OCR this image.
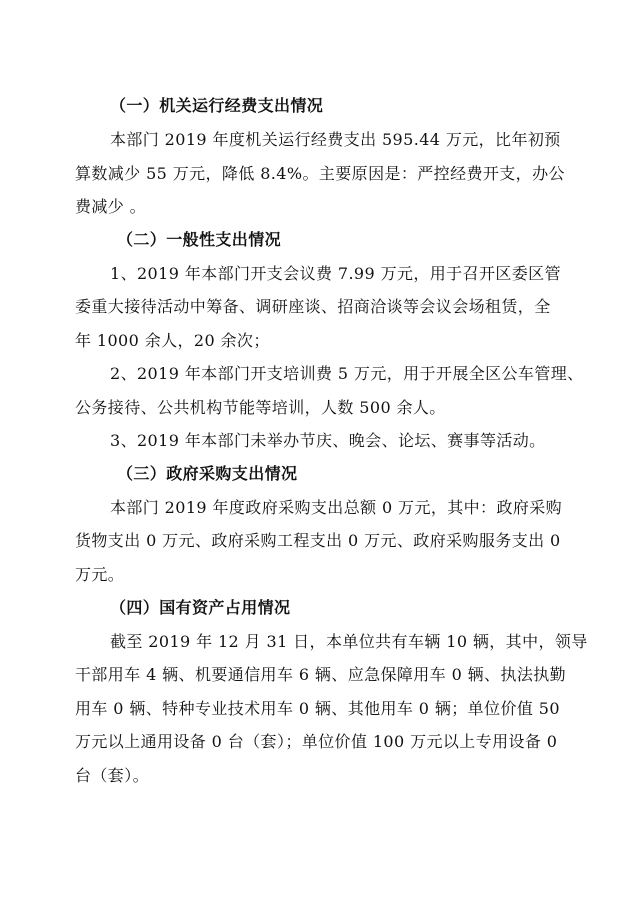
（一）机关运行经费支出情况
本部门 2019 年度机关运行经费支出 595.44 万元，比年初预
算数减少 55 万元，降低 8.4%。主要原因是：严控经费开支，办公
费减少 。
（二）一般性支出情况
1、2019 年本部门开支会议费 7.99 万元，用于召开区委区管
委重大接待活动中筹备、调研座谈、招商洽谈等会议会场租赁，全
年 1000 余人，20 余次；
2、2019 年本部门开支培训费 5 万元，用于开展全区公车管理、
公务接待、公共机构节能等培训，人数 500 余人。
3、2019 年本部门未举办节庆、晚会、论坛、赛事等活动。
（三）政府采购支出情况
本部门 2019 年度政府采购支出总额 0 万元，其中：政府采购
货物支出 0 万元、政府采购工程支出 0 万元、政府采购服务支出 0
万元。
（四）国有资产占用情况
截至 2019 年 12 月 31 日，本单位共有车辆 10 辆，其中，领导
干部用车 4 辆、机要通信用车 6 辆、应急保障用车 0 辆、执法执勤
用车 0 辆、特种专业技术用车 0 辆、其他用车 0 辆；单位价值 50
万元以上通用设备 0 台（套）；单位价值 100 万元以上专用设备 0
台（套）。
